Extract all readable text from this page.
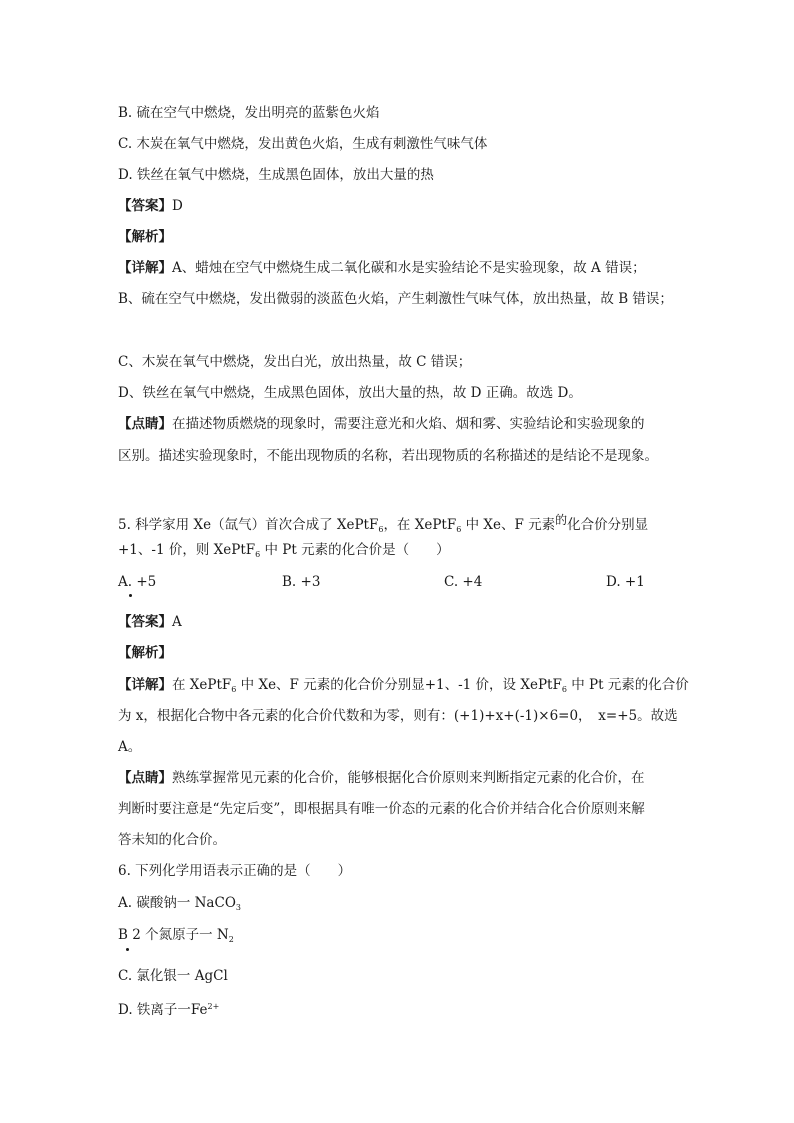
B. 硫在空气中燃烧，发出明亮的蓝紫色火焰
C. 木炭在氧气中燃烧，发出黄色火焰，生成有刺激性气味气体
D. 铁丝在氧气中燃烧，生成黑色固体，放出大量的热
【答案】D
【解析】
【详解】A、蜡烛在空气中燃烧生成二氧化碳和水是实验结论不是实验现象，故 A 错误；
B、硫在空气中燃烧，发出微弱的淡蓝色火焰，产生刺激性气味气体，放出热量，故 B 错误；
C、木炭在氧气中燃烧，发出白光，放出热量，故 C 错误；
D、铁丝在氧气中燃烧，生成黑色固体，放出大量的热，故 D 正确。故选 D。
【点睛】在描述物质燃烧的现象时，需要注意光和火焰、烟和雾、实验结论和实验现象的
区别。描述实验现象时，不能出现物质的名称，若出现物质的名称描述的是结论不是现象。
5. 科学家用 Xe（氙气）首次合成了 XePtF$_6$，在 XePtF$_6$ 中 Xe、F 元素的化合价分别显
+1、-1 价，则 XePtF$_6$ 中 Pt 元素的化合价是（　　）
A. +5	B. +3	C. +4	D. +1
【答案】A
【解析】
【详解】在 XePtF$_6$ 中 Xe、F 元素的化合价分别显+1、-1 价，设 XePtF$_6$ 中 Pt 元素的化合价
为 x，根据化合物中各元素的化合价代数和为零，则有：(+1)+x+(-1)×6=0，　x=+5。故选
A。
【点睛】熟练掌握常见元素的化合价，能够根据化合价原则来判断指定元素的化合价，在
判断时要注意是“先定后变”，即根据具有唯一价态的元素的化合价并结合化合价原则来解
答未知的化合价。
6. 下列化学用语表示正确的是（　　）
A. 碳酸钠一 NaCO$_3$
B 2 个氮原子一 $N_2$
C. 氯化银一 AgCl
D. 铁离子一$Fe^{2+}$
